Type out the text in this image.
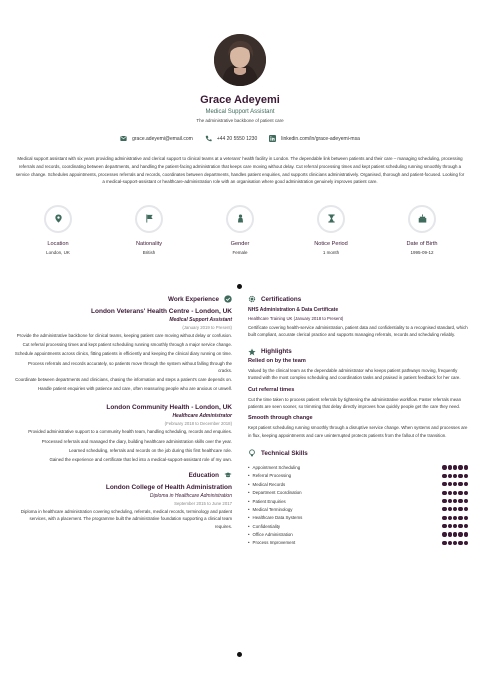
Grace Adeyemi
Medical Support Assistant
The administrative backbone of patient care
grace.adeyemi@email.com	+44 20 5550 1230	linkedin.com/in/grace-adeyemi-msa
Medical support assistant with six years providing administrative and clerical support to clinical teams at a veterans' health facility in London. The dependable link between patients and their care – managing scheduling, processing referrals and records, coordinating between departments, and handling the patient-facing administration that keeps care moving without delay. Cut referral processing times and kept patient scheduling running smoothly through a service change. Schedules appointments, processes referrals and records, coordinates between departments, handles patient enquiries, and supports clinicians administratively. Organised, thorough and patient-focused. Looking for a medical-support-assistant or healthcare-administration role with an organisation where good administration genuinely improves patient care.
Location
London, UK
Nationality
British
Gender
Female
Notice Period
1 month
Date of Birth
1995-09-12
Work Experience
London Veterans' Health Centre - London, UK
Medical Support Assistant
(January 2019 to Present)
Provide the administrative backbone for clinical teams, keeping patient care moving without delay or confusion.
Cut referral processing times and kept patient scheduling running smoothly through a major service change.
Schedule appointments across clinics, fitting patients in efficiently and keeping the clinical diary running on time.
Process referrals and records accurately, so patients move through the system without falling through the cracks.
Coordinate between departments and clinicians, chasing the information and steps a patient's care depends on.
Handle patient enquiries with patience and care, often reassuring people who are anxious or unwell.
London Community Health - London, UK
Healthcare Administrator
(February 2018 to December 2018)
Provided administrative support to a community health team, handling scheduling, records and enquiries.
Processed referrals and managed the diary, building healthcare administration skills over the year.
Learned scheduling, referrals and records on the job during this first healthcare role.
Gained the experience and certificate that led into a medical-support-assistant role of my own.
Education
London College of Health Administration
Diploma in Healthcare Administration
September 2015 to June 2017
Diploma in healthcare administration covering scheduling, referrals, medical records, terminology and patient services, with a placement. The programme built the administrative foundation supporting a clinical team requires.
Certifications
NHS Administration & Data Certificate
Healthcare Training UK (January 2018 to Present)
Certificate covering health-service administration, patient data and confidentiality to a recognised standard, which built compliant, accurate clerical practice and supports managing referrals, records and scheduling reliably.
Highlights
Relied on by the team
Valued by the clinical team as the dependable administrator who keeps patient pathways moving, frequently trusted with the most complex scheduling and coordination tasks and praised in patient feedback for her care.
Cut referral times
Cut the time taken to process patient referrals by tightening the administrative workflow. Faster referrals mean patients are seen sooner, so trimming that delay directly improves how quickly people get the care they need.
Smooth through change
Kept patient scheduling running smoothly through a disruptive service change. When systems and processes are in flux, keeping appointments and care uninterrupted protects patients from the fallout of the transition.
Technical Skills
• Appointment Scheduling
• Referral Processing
• Medical Records
• Department Coordination
• Patient Enquiries
• Medical Terminology
• Healthcare Data Systems
• Confidentiality
• Office Administration
• Process Improvement
